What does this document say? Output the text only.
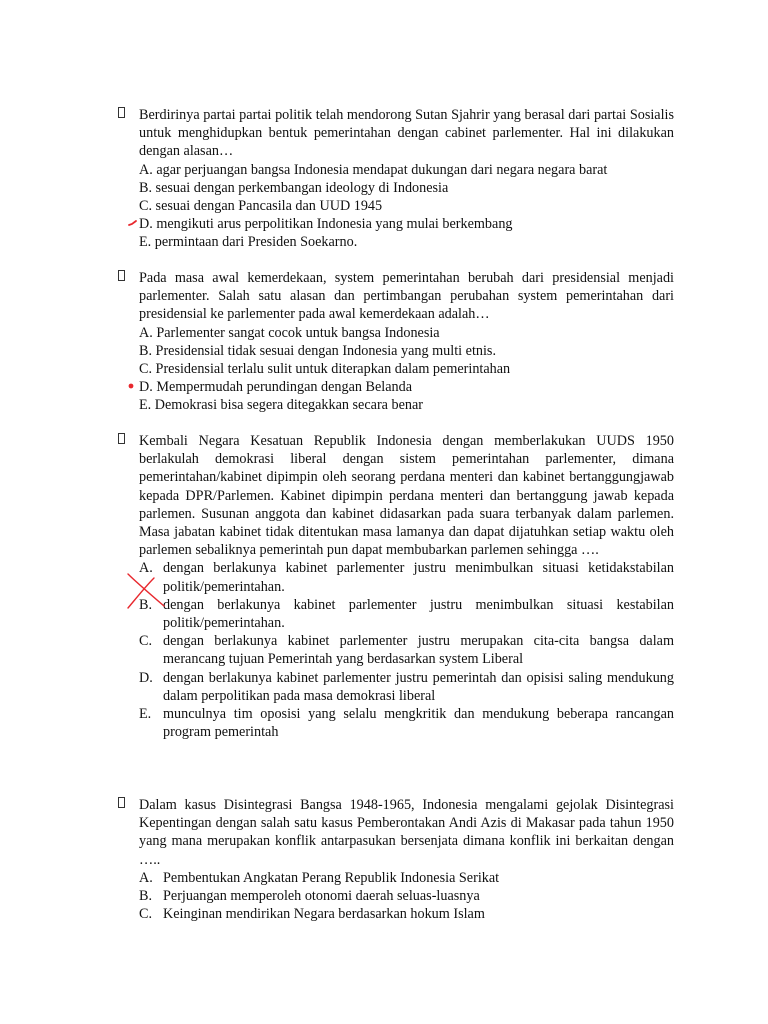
Berdirinya partai partai politik telah mendorong Sutan Sjahrir yang berasal dari partai Sosialis untuk menghidupkan bentuk pemerintahan dengan cabinet parlementer. Hal ini dilakukan dengan alasan…
A. agar perjuangan bangsa Indonesia mendapat dukungan dari negara negara barat
B. sesuai dengan perkembangan ideology di Indonesia
C. sesuai dengan Pancasila dan UUD 1945
D. mengikuti arus perpolitikan Indonesia yang mulai berkembang
E. permintaan dari Presiden Soekarno.
Pada masa awal kemerdekaan, system pemerintahan berubah dari presidensial menjadi parlementer. Salah satu alasan dan pertimbangan perubahan system pemerintahan dari presidensial ke parlementer pada awal kemerdekaan adalah…
A. Parlementer sangat cocok untuk bangsa Indonesia
B. Presidensial tidak sesuai dengan Indonesia yang multi etnis.
C. Presidensial terlalu sulit untuk diterapkan dalam pemerintahan
D. Mempermudah perundingan dengan Belanda
E. Demokrasi bisa segera ditegakkan secara benar
Kembali Negara Kesatuan Republik Indonesia dengan memberlakukan UUDS 1950 berlakulah demokrasi liberal dengan sistem pemerintahan parlementer, dimana pemerintahan/kabinet dipimpin oleh seorang perdana menteri dan kabinet bertanggungjawab kepada DPR/Parlemen. Kabinet dipimpin perdana menteri dan bertanggung jawab kepada parlemen. Susunan anggota dan kabinet didasarkan pada suara terbanyak dalam parlemen. Masa jabatan kabinet tidak ditentukan masa lamanya dan dapat dijatuhkan setiap waktu oleh parlemen sebaliknya pemerintah pun dapat membubarkan parlemen sehingga ….
A. dengan berlakunya kabinet parlementer justru menimbulkan situasi ketidakstabilan politik/pemerintahan.
B. dengan berlakunya kabinet parlementer justru menimbulkan situasi kestabilan politik/pemerintahan.
C. dengan berlakunya kabinet parlementer justru merupakan cita-cita bangsa dalam merancang tujuan Pemerintah yang berdasarkan system Liberal
D. dengan berlakunya kabinet parlementer justru pemerintah dan opisisi saling mendukung dalam perpolitikan pada masa demokrasi liberal
E. munculnya tim oposisi yang selalu mengkritik dan mendukung beberapa rancangan program pemerintah
Dalam kasus Disintegrasi Bangsa 1948-1965, Indonesia mengalami gejolak Disintegrasi Kepentingan dengan salah satu kasus Pemberontakan Andi Azis di Makasar pada tahun 1950 yang mana merupakan konflik antarpasukan bersenjata dimana konflik ini berkaitan dengan …..
A. Pembentukan Angkatan Perang Republik Indonesia Serikat
B. Perjuangan memperoleh otonomi daerah seluas-luasnya
C. Keinginan mendirikan Negara berdasarkan hokum Islam
